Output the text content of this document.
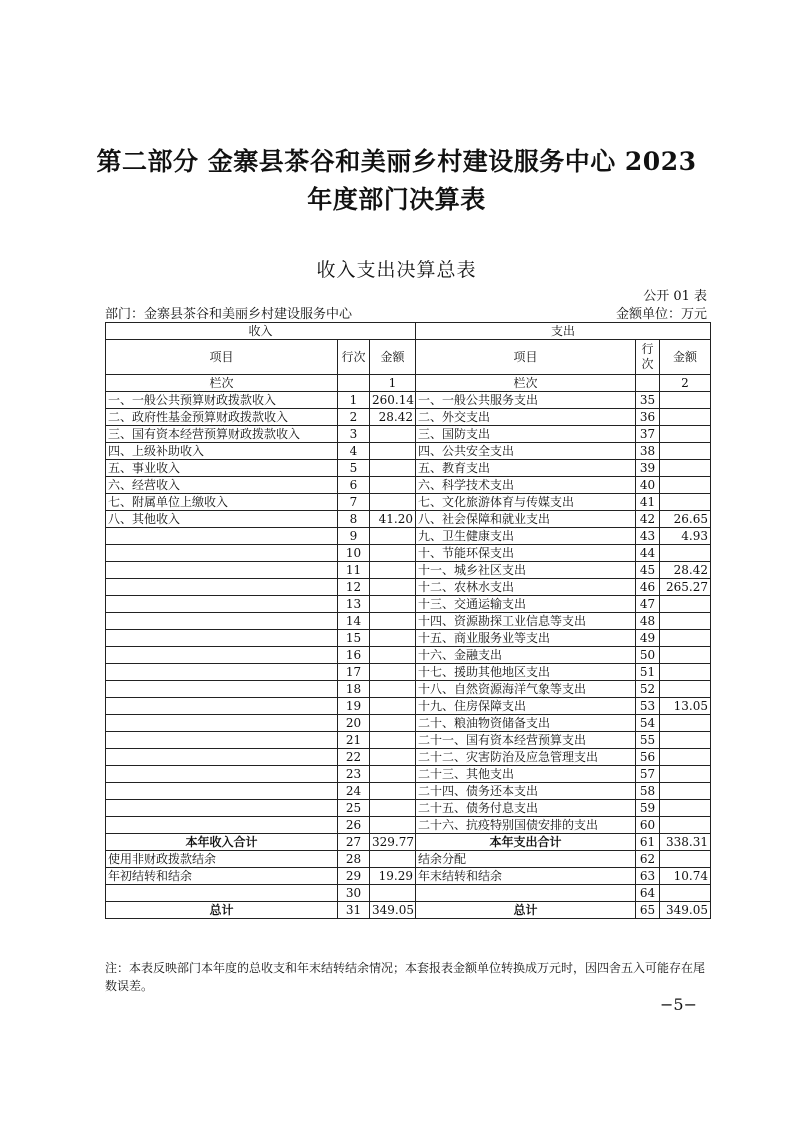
第二部分 金寨县茶谷和美丽乡村建设服务中心 2023
年度部门决算表
收入支出决算总表
公开 01 表
部门：金寨县茶谷和美丽乡村建设服务中心	金额单位：万元
收入			支出		
项目	行次	金额	项目	行次	金额
栏次		1	栏次		2
一、一般公共预算财政拨款收入	1	260.14	一、一般公共服务支出	35	
二、政府性基金预算财政拨款收入	2	28.42	二、外交支出	36	
三、国有资本经营预算财政拨款收入	3		三、国防支出	37	
四、上级补助收入	4		四、公共安全支出	38	
五、事业收入	5		五、教育支出	39	
六、经营收入	6		六、科学技术支出	40	
七、附属单位上缴收入	7		七、文化旅游体育与传媒支出	41	
八、其他收入	8	41.20	八、社会保障和就业支出	42	26.65
	9		九、卫生健康支出	43	4.93
	10		十、节能环保支出	44	
	11		十一、城乡社区支出	45	28.42
	12		十二、农林水支出	46	265.27
	13		十三、交通运输支出	47	
	14		十四、资源勘探工业信息等支出	48	
	15		十五、商业服务业等支出	49	
	16		十六、金融支出	50	
	17		十七、援助其他地区支出	51	
	18		十八、自然资源海洋气象等支出	52	
	19		十九、住房保障支出	53	13.05
	20		二十、粮油物资储备支出	54	
	21		二十一、国有资本经营预算支出	55	
	22		二十二、灾害防治及应急管理支出	56	
	23		二十三、其他支出	57	
	24		二十四、债务还本支出	58	
	25		二十五、债务付息支出	59	
	26		二十六、抗疫特别国债安排的支出	60	
本年收入合计	27	329.77	本年支出合计	61	338.31
使用非财政拨款结余	28		结余分配	62	
年初结转和结余	29	19.29	年末结转和结余	63	10.74
	30			64	
总计	31	349.05	总计	65	349.05
注：本表反映部门本年度的总收支和年末结转结余情况；本套报表金额单位转换成万元时，因四舍五入可能存在尾数误差。
−5−
